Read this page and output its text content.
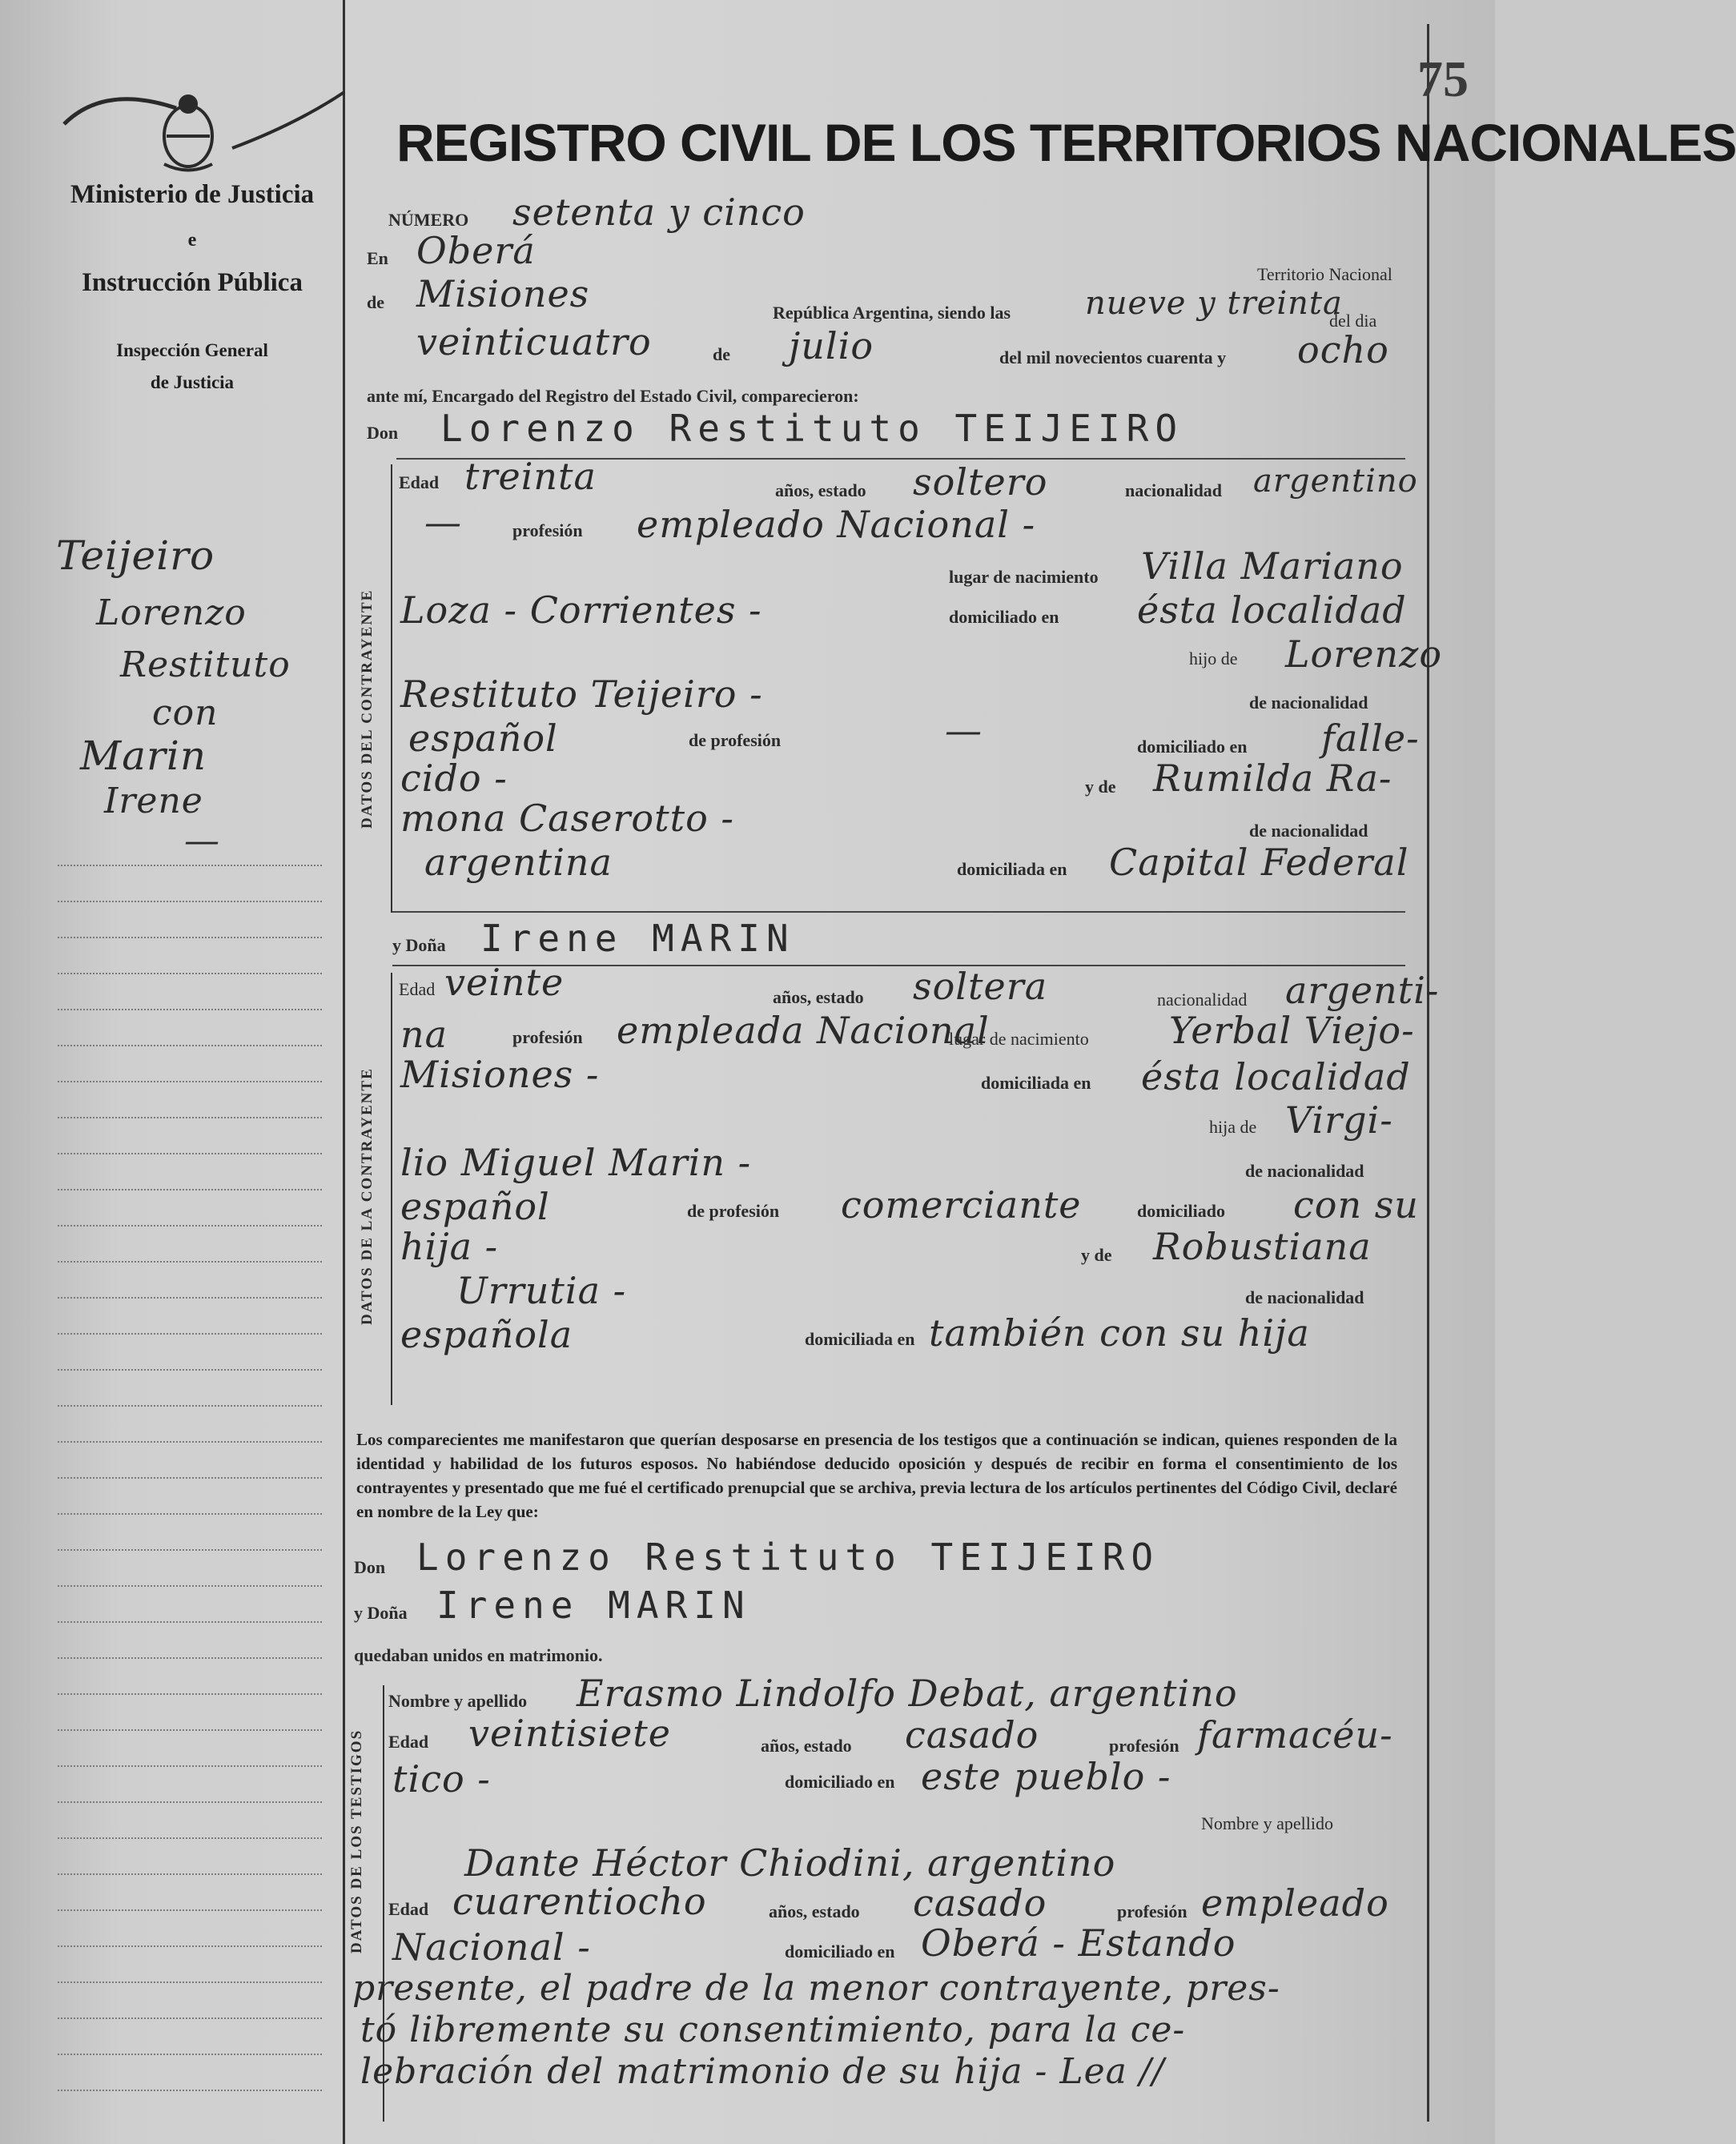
75
Ministerio de Justicia
e
Instrucción Pública
Inspección General
de Justicia
Teijeiro
Lorenzo
Restituto
con
Marin
Irene
—
REGISTRO CIVIL DE LOS TERRITORIOS NACIONALES
NÚMERO setenta y cinco
En Oberá
Territorio Nacional
de Misiones	República Argentina, siendo las nueve y treinta
del dia
veinticuatro	de julio	del mil novecientos cuarenta y ocho
ante mí, Encargado del Registro del Estado Civil, comparecieron:
Don Lorenzo Restituto TEIJEIRO
DATOS DEL CONTRAYENTE
Edad treinta	años, estado soltero	nacionalidad argentino
—	profesión empleado Nacional -
lugar de nacimiento Villa Mariano
Loza - Corrientes -	domiciliado en ésta localidad
hijo de Lorenzo
Restituto Teijeiro -	de nacionalidad
español	de profesión	—	domiciliado en falle-
cido -	y de Rumilda Ra-
mona Caserotto -	de nacionalidad
argentina	domiciliada en Capital Federal
y Doña Irene MARIN
DATOS DE LA CONTRAYENTE
Edad veinte	años, estado soltera	nacionalidad argenti-
na	profesión empleada Nacional
lugar de nacimiento Yerbal Viejo-
Misiones -	domiciliada en ésta localidad
hija de Virgi-
lio Miguel Marin -	de nacionalidad
español	de profesión comerciante	domiciliado con su
hija -	y de Robustiana
Urrutia -	de nacionalidad
española	domiciliada en también con su hija
Los comparecientes me manifestaron que querían desposarse en presencia de los testigos que a continuación se indican, quienes responden de la identidad y habilidad de los futuros esposos. No habiéndose deducido oposición y después de recibir en forma el consentimiento de los contrayentes y presentado que me fué el certificado prenupcial que se archiva, previa lectura de los artículos pertinentes del Código Civil, declaré en nombre de la Ley que:
Don Lorenzo Restituto TEIJEIRO
y Doña Irene MARIN
quedaban unidos en matrimonio.
DATOS DE LOS TESTIGOS
Nombre y apellido Erasmo Lindolfo Debat, argentino
Edad veintisiete	años, estado casado	profesión farmacéu-
tico -	domiciliado en este pueblo -
Nombre y apellido
Dante Héctor Chiodini, argentino
Edad cuarentiocho	años, estado casado	profesión empleado
Nacional -	domiciliado en Oberá - Estando
presente, el padre de la menor contrayente, pres-
tó libremente su consentimiento, para la ce-
lebración del matrimonio de su hija - Lea //
